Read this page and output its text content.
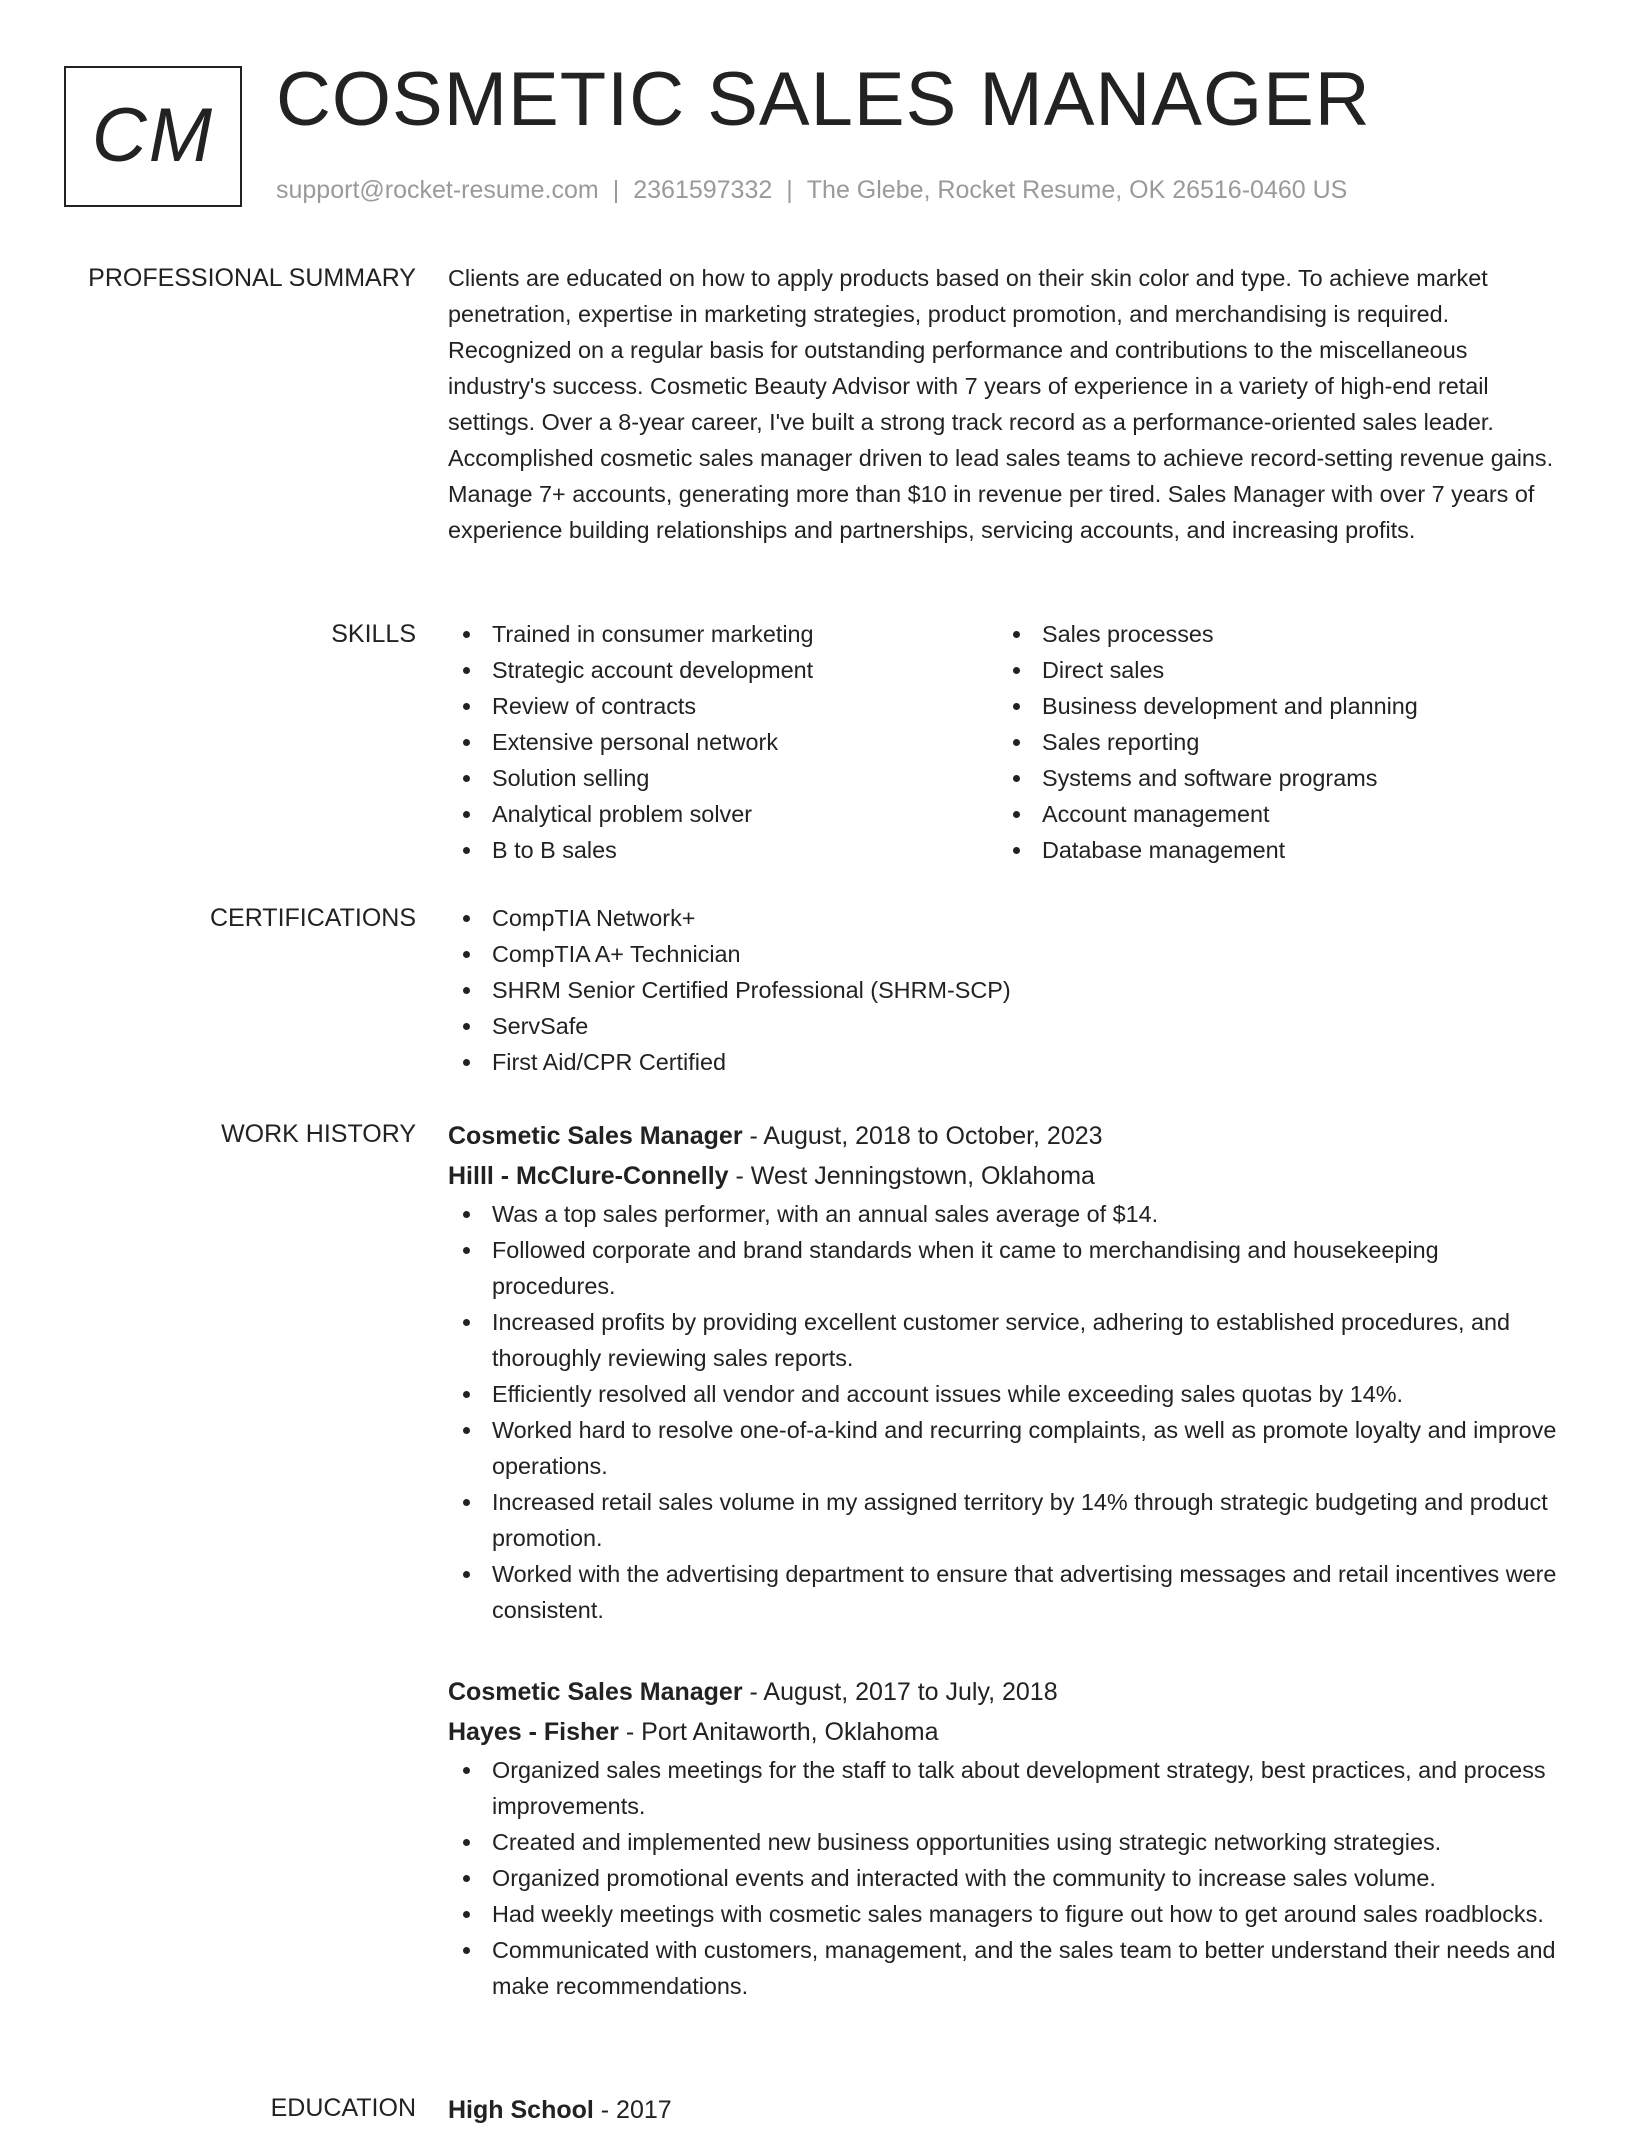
CM COSMETIC SALES MANAGER
support@rocket-resume.com | 2361597332 | The Glebe, Rocket Resume, OK 26516-0460 US
PROFESSIONAL SUMMARY Clients are educated on how to apply products based on their skin color and type. To achieve market penetration, expertise in marketing strategies, product promotion, and merchandising is required. Recognized on a regular basis for outstanding performance and contributions to the miscellaneous industry's success. Cosmetic Beauty Advisor with 7 years of experience in a variety of high-end retail settings. Over a 8-year career, I've built a strong track record as a performance-oriented sales leader. Accomplished cosmetic sales manager driven to lead sales teams to achieve record-setting revenue gains. Manage 7+ accounts, generating more than $10 in revenue per tired. Sales Manager with over 7 years of experience building relationships and partnerships, servicing accounts, and increasing profits.

SKILLS	Trained in consumer marketing
Strategic account development
Review of contracts
Extensive personal network
Solution selling
Analytical problem solver
B to B sales
Sales processes
Direct sales
Business development and planning
Sales reporting
Systems and software programs
Account management
Database management
CERTIFICATIONS	CompTIA Network+
CompTIA A+ Technician
SHRM Senior Certified Professional (SHRM-SCP)
ServSafe
First Aid/CPR Certified
WORK HISTORY Cosmetic Sales Manager - August, 2018 to October, 2023
Hilll - McClure-Connelly - West Jenningstown, Oklahoma
Was a top sales performer, with an annual sales average of $14.
Followed corporate and brand standards when it came to merchandising and housekeeping procedures.
Increased profits by providing excellent customer service, adhering to established procedures, and thoroughly reviewing sales reports.
Efficiently resolved all vendor and account issues while exceeding sales quotas by 14%.
Worked hard to resolve one-of-a-kind and recurring complaints, as well as promote loyalty and improve operations.
Increased retail sales volume in my assigned territory by 14% through strategic budgeting and product promotion.
Worked with the advertising department to ensure that advertising messages and retail incentives were consistent.
Cosmetic Sales Manager - August, 2017 to July, 2018
Hayes - Fisher - Port Anitaworth, Oklahoma
Organized sales meetings for the staff to talk about development strategy, best practices, and process improvements.
Created and implemented new business opportunities using strategic networking strategies.
Organized promotional events and interacted with the community to increase sales volume.
Had weekly meetings with cosmetic sales managers to figure out how to get around sales roadblocks.
Communicated with customers, management, and the sales team to better understand their needs and make recommendations.
EDUCATION High School - 2017
